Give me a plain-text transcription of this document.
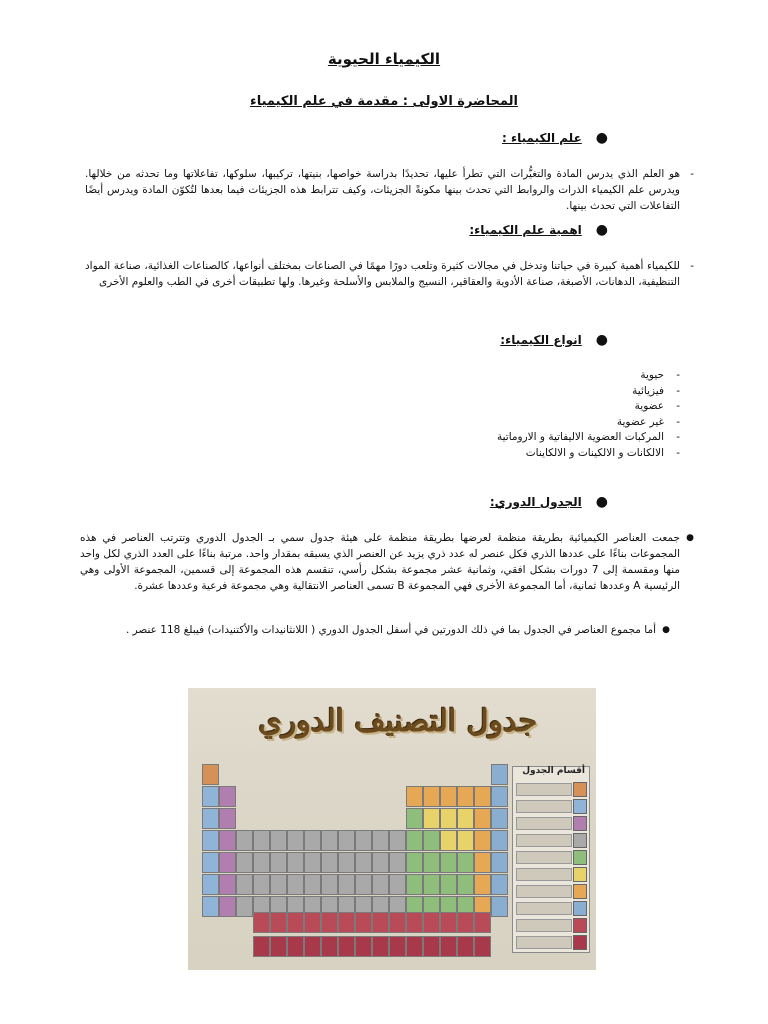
الكيمياء الحيوية
المحاضرة الاولى : مقدمة في علم الكيمياء
●علم الكيمياء :
-
هو العلم الذي يدرس المادة والتغيُّرات التي تطرأ عليها، تحديدًا بدراسة خواصها، بنيتها، تركيبها، سلوكها، تفاعلاتها وما تحدثه من خلالها. ويدرس علم الكيمياء الذرات والروابط التي تحدث بينها مكونةً الجزيئات، وكيف تترابط هذه الجزيئات فيما بعدها لتُكوّن المادة ويدرس أيضًا التفاعلات التي تحدث بينها.
●اهمية علم الكيمياء:
-
للكيمياء أهمية كبيرة في حياتنا وتدخل في مجالات كثيرة وتلعب دورًا مهمًا في الصناعات بمختلف أنواعها، كالصناعات الغذائية، صناعة المواد التنظيفية، الدهانات، الأصبغة، صناعة الأدوية والعقاقير، النسيج والملابس والأسلحة وغيرها. ولها تطبيقات أخرى في الطب والعلوم الأخرى
●انواع الكيمياء:
- حيوية
- فيزيائية
- عضوية
- غير عضوية
- المركبات العضوية الاليفاتية و الاروماتية
- الالكانات و الالكينات و الالكاينات
●الجدول الدوري:
●
جمعت العناصر الكيميائية بطريقة منظمة لعرضها بطريقة منظمة على هيئة جدول سمي بـ الجدول الدوري وتترتب العناصر في هذه المجموعات بناءًا على عددها الذري فكل عنصر له عدد ذري يزيد عن العنصر الذي يسبقه بمقدار واحد. مرتبة بناءًا على العدد الذري لكل واحد منها ومقسمة إلى 7 دورات بشكل افقي، وثمانية عشر مجموعة بشكل رأسي، تنقسم هذه المجموعة إلى قسمين، المجموعة الأولى وهي الرئيسية A وعددها ثمانية، أما المجموعة الأخرى فهي المجموعة B تسمى العناصر الانتقالية وهي مجموعة فرعية وعددها عشرة.
●
أما مجموع العناصر في الجدول بما في ذلك الدورتين في أسفل الجدول الدوري ( اللانثانيدات والأكتنيدات) فيبلغ 118 عنصر .
جدول التصنيف الدوري
أقسام الجدول
